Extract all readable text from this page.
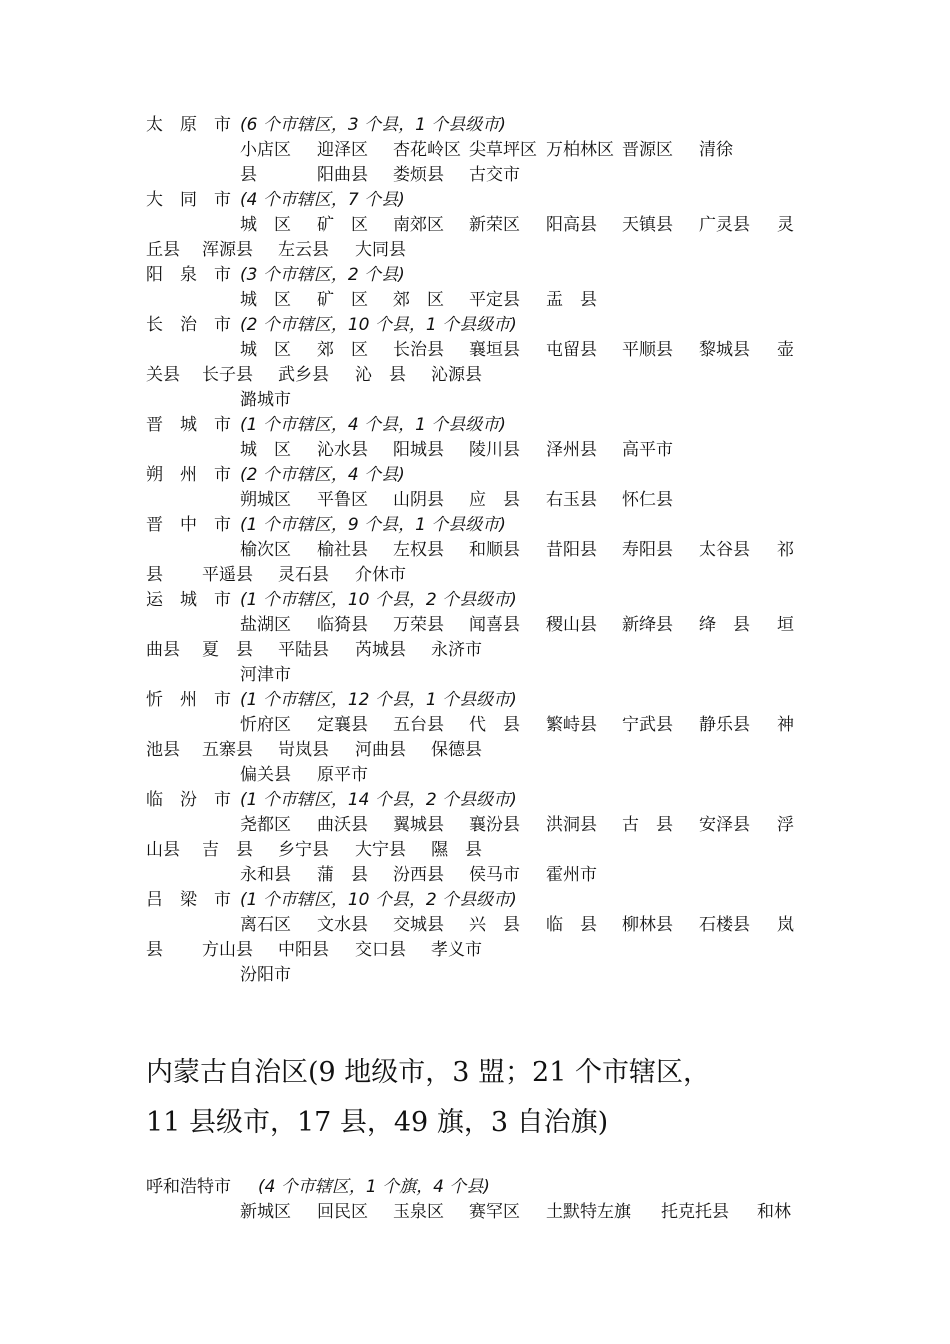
太 原 市 (6 个市辖区，3 个县，1 个县级市)
小店区 迎泽区 杏花岭区 尖草坪区 万柏林区 晋源区 清徐
县	阳曲县 娄烦县 古交市
大 同 市 (4 个市辖区，7 个县)
城　区 矿　区 南郊区 新荣区 阳高县 天镇县 广灵县 灵
丘县 浑源县 左云县 大同县
阳 泉 市 (3 个市辖区，2 个县)
城　区 矿　区 郊　区 平定县 盂　县
长 治 市 (2 个市辖区，10 个县，1 个县级市)
城　区 郊　区 长治县 襄垣县 屯留县 平顺县 黎城县 壶
关县 长子县 武乡县 沁　县 沁源县
潞城市
晋 城 市 (1 个市辖区，4 个县，1 个县级市)
城　区 沁水县 阳城县 陵川县 泽州县 高平市
朔 州 市 (2 个市辖区，4 个县)
朔城区 平鲁区 山阴县 应　县 右玉县 怀仁县
晋 中 市 (1 个市辖区，9 个县，1 个县级市)
榆次区 榆社县 左权县 和顺县 昔阳县 寿阳县 太谷县 祁
县 平遥县 灵石县 介休市
运 城 市 (1 个市辖区，10 个县，2 个县级市)
盐湖区 临猗县 万荣县 闻喜县 稷山县 新绛县 绛　县 垣
曲县 夏　县 平陆县 芮城县 永济市
河津市
忻 州 市 (1 个市辖区，12 个县，1 个县级市)
忻府区 定襄县 五台县 代　县 繁峙县 宁武县 静乐县 神
池县 五寨县 岢岚县 河曲县 保德县
偏关县 原平市
临 汾 市 (1 个市辖区，14 个县，2 个县级市)
尧都区 曲沃县 翼城县 襄汾县 洪洞县 古　县 安泽县 浮
山县 吉　县 乡宁县 大宁县 隰　县
永和县 蒲　县 汾西县 侯马市 霍州市
吕 梁 市 (1 个市辖区，10 个县，2 个县级市)
离石区 文水县 交城县 兴　县 临　县 柳林县 石楼县 岚
县 方山县 中阳县 交口县 孝义市
汾阳市
内蒙古自治区(9 地级市，3 盟；21 个市辖区，
11 县级市，17 县，49 旗，3 自治旗)
呼和浩特市 (4 个市辖区，1 个旗，4 个县)
新城区 回民区 玉泉区 赛罕区 土默特左旗 托克托县 和林
